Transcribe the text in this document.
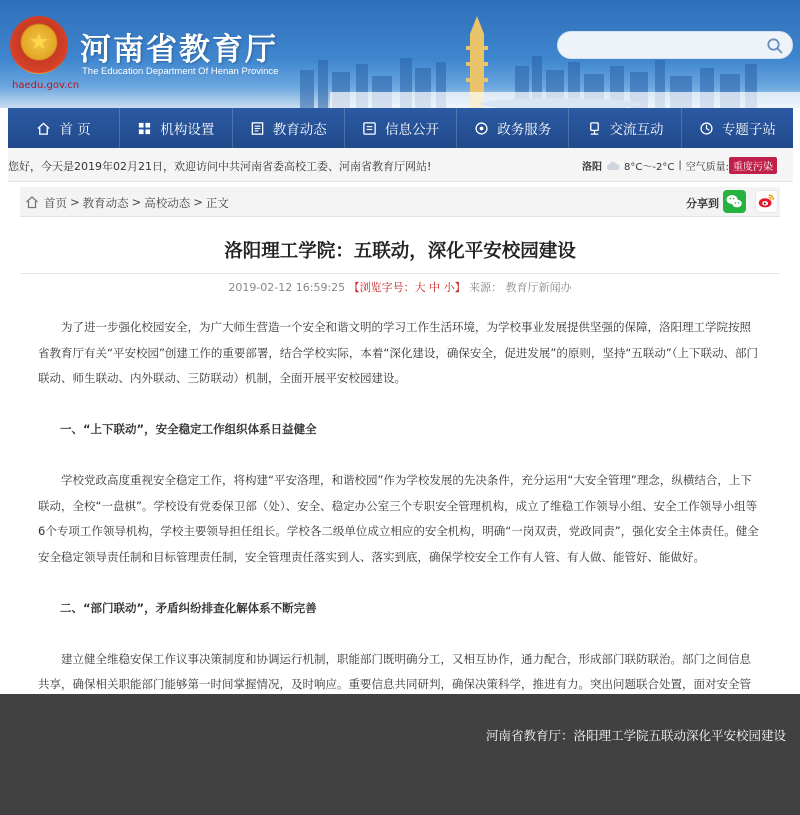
★
haedu.gov.cn
河南省教育厅
The Education Department Of Henan Province
首 页	机构设置	教育动态	信息公开	政务服务	交流互动	专题子站
您好，今天是2019年02月21日，欢迎访问中共河南省委高校工委、河南省教育厅网站!	洛阳 8°C～-2°C | 空气质量: 重度污染
首页 > 教育动态 > 高校动态 > 正文	分享到
洛阳理工学院：五联动，深化平安校园建设
2019-02-12 16:59:25 【浏览字号：大 中 小】 来源： 教育厅新闻办

为了进一步强化校园安全，为广大师生营造一个安全和谐文明的学习工作生活环境，为学校事业发展提供坚强的保障，洛阳理工学院按照省教育厅有关“平安校园”创建工作的重要部署，结合学校实际，本着“深化建设，确保安全，促进发展”的原则，坚持“五联动”（上下联动、部门联动、师生联动、内外联动、三防联动）机制，全面开展平安校园建设。

一、“上下联动”，安全稳定工作组织体系日益健全

学校党政高度重视安全稳定工作，将构建“平安洛理，和谐校园”作为学校发展的先决条件，充分运用“大安全管理”理念，纵横结合，上下联动，全校“一盘棋”。学校设有党委保卫部（处）、安全、稳定办公室三个专职安全管理机构，成立了维稳工作领导小组、安全工作领导小组等6个专项工作领导机构，学校主要领导担任组长。学校各二级单位成立相应的安全机构，明确“一岗双责，党政同责”，强化安全主体责任。健全安全稳定领导责任制和目标管理责任制，安全管理责任落实到人、落实到底，确保学校安全工作有人管、有人做、能管好、能做好。

二、“部门联动”，矛盾纠纷排查化解体系不断完善

建立健全维稳安保工作议事决策制度和协调运行机制，职能部门既明确分工，又相互协作，通力配合，形成部门联防联治。部门之间信息共享，确保相关职能部门能够第一时间掌握情况，及时响应。重要信息共同研判，确保决策科学，推进有力。突出问题联合处置，面对安全管

河南省教育厅：洛阳理工学院五联动深化平安校园建设
